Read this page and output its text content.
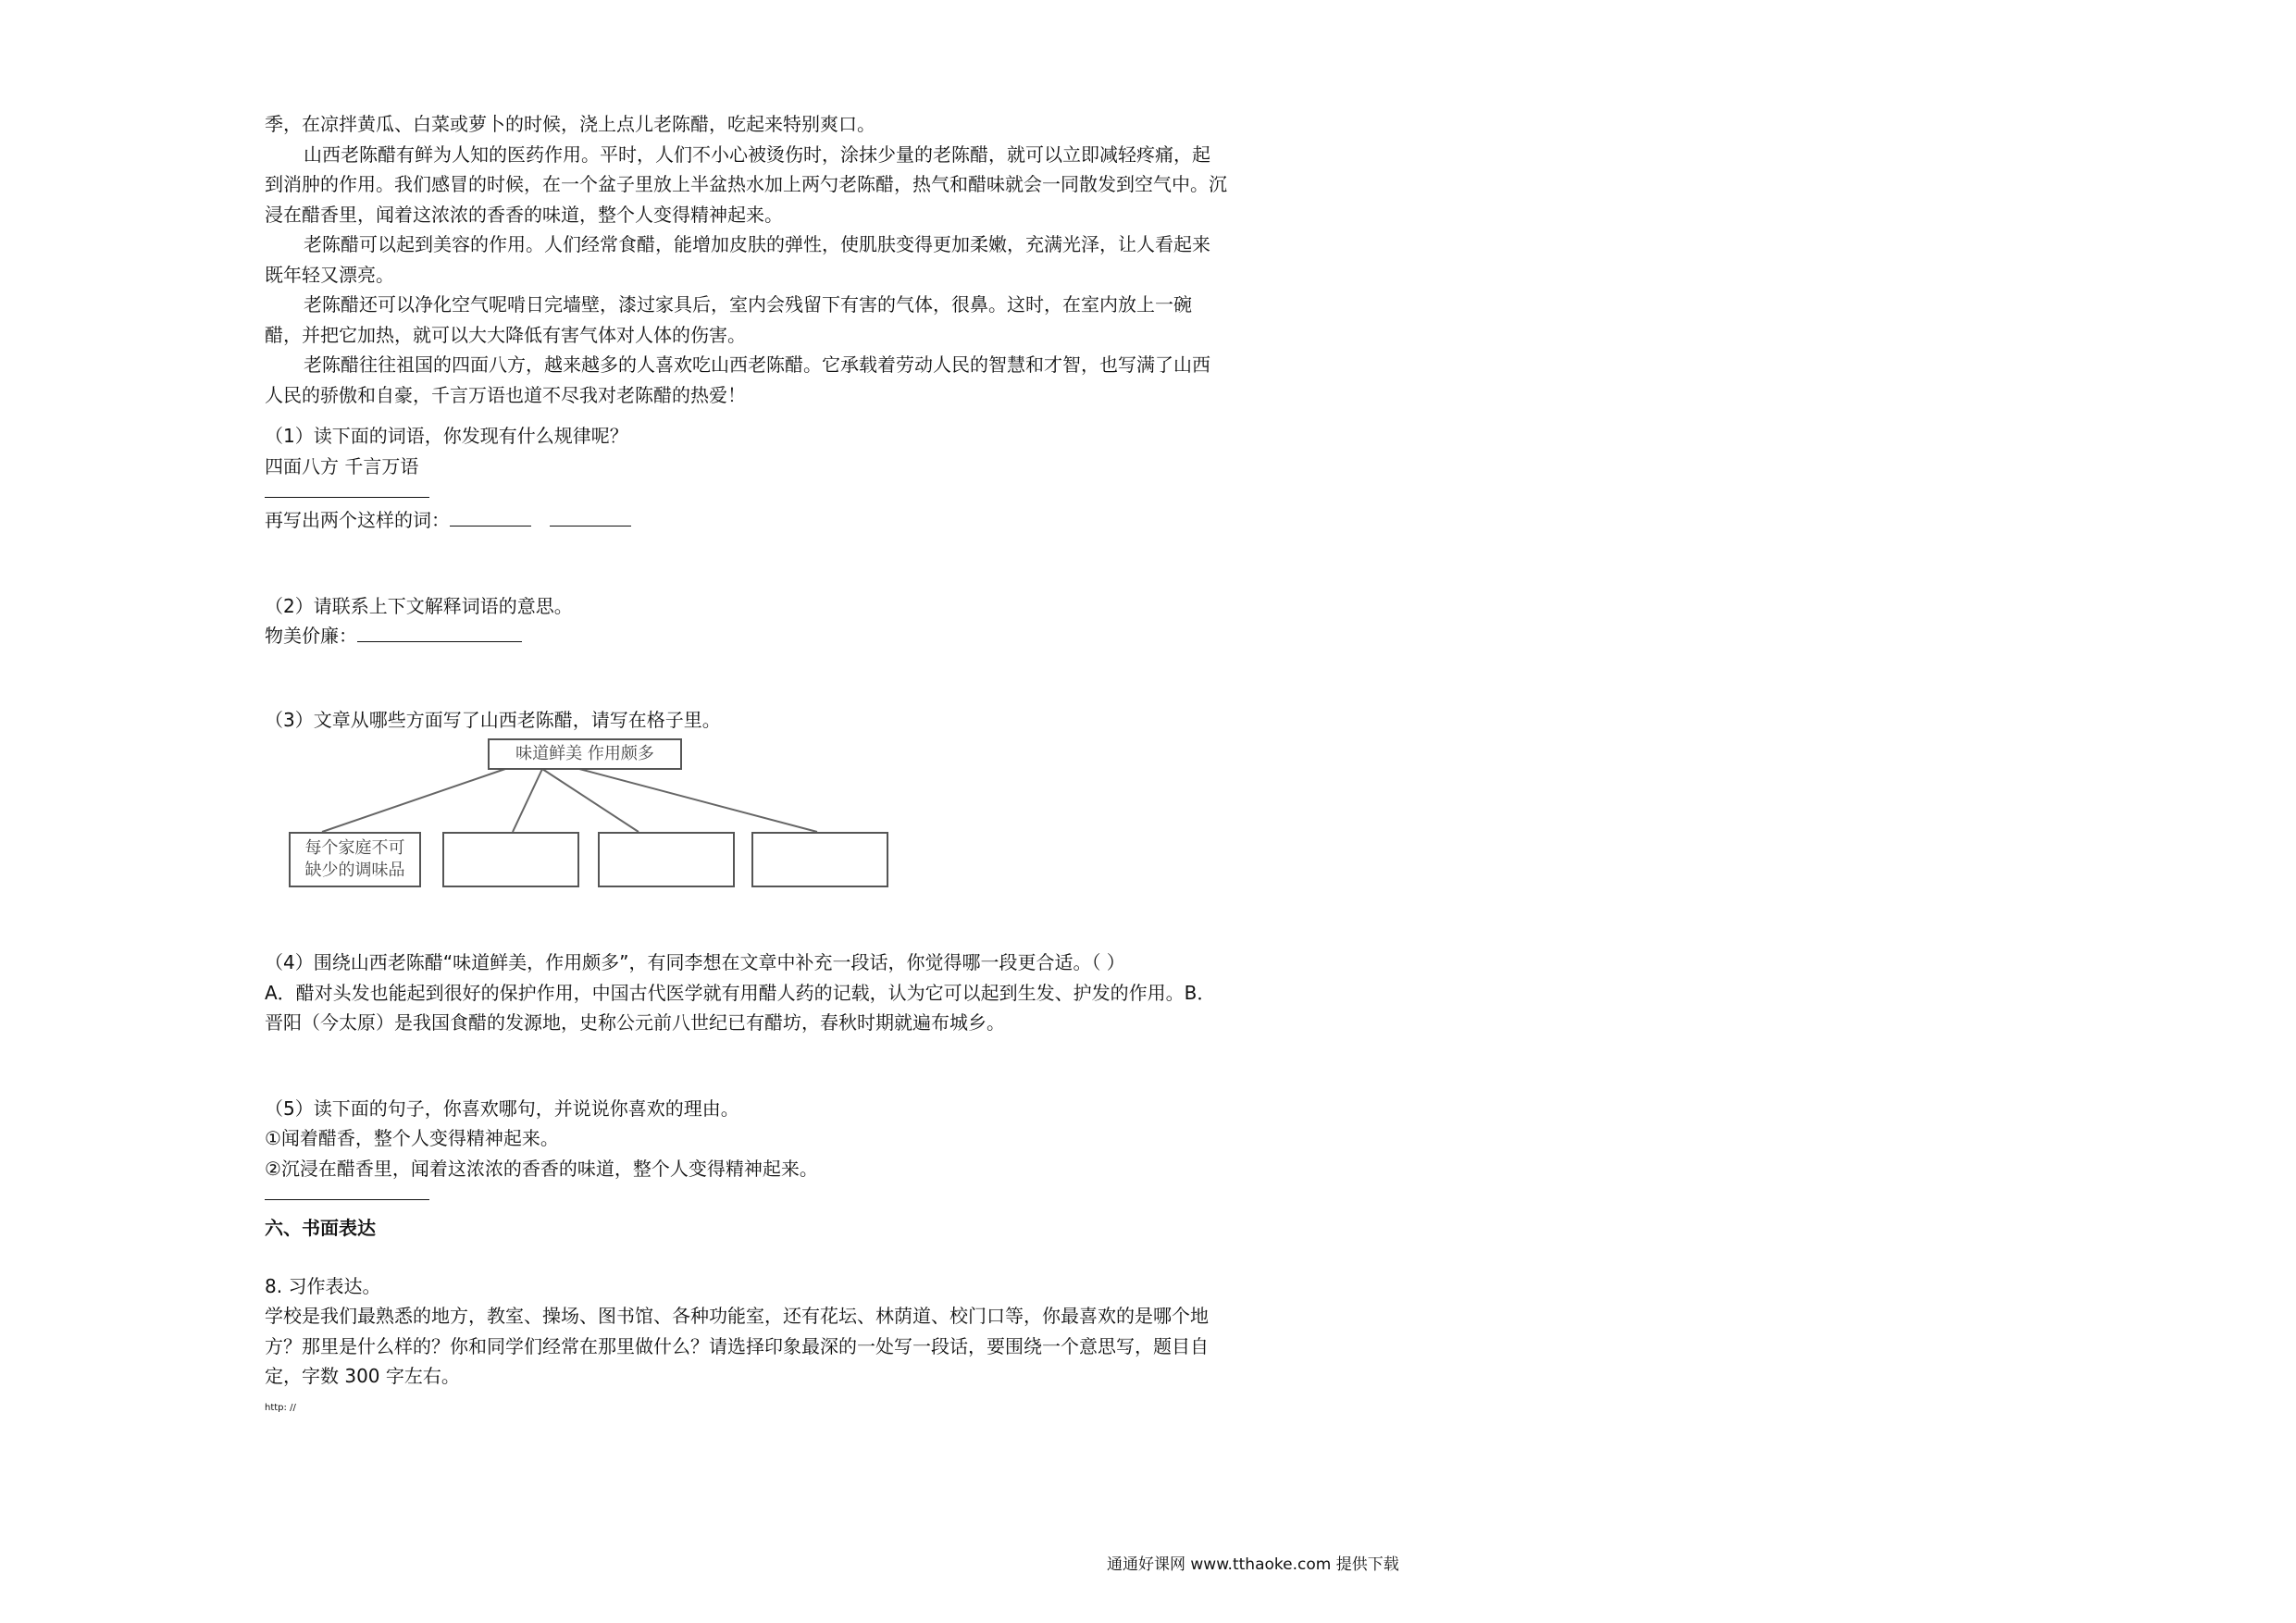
季，在凉拌黄瓜、白菜或萝卜的时候，浇上点儿老陈醋，吃起来特别爽口。

山西老陈醋有鲜为人知的医药作用。平时，人们不小心被烫伤时，涂抹少量的老陈醋，就可以立即减轻疼痛，起到消肿的作用。我们感冒的时候，在一个盆子里放上半盆热水加上两勺老陈醋，热气和醋味就会一同散发到空气中。沉浸在醋香里，闻着这浓浓的香香的味道，整个人变得精神起来。

老陈醋可以起到美容的作用。人们经常食醋，能增加皮肤的弹性，使肌肤变得更加柔嫩，充满光泽，让人看起来既年轻又漂亮。

老陈醋还可以净化空气呢啃日完墙壁，漆过家具后，室内会残留下有害的气体，很鼻。这时，在室内放上一碗醋，并把它加热，就可以大大降低有害气体对人体的伤害。

老陈醋往往祖国的四面八方，越来越多的人喜欢吃山西老陈醋。它承载着劳动人民的智慧和才智，也写满了山西人民的骄傲和自豪，千言万语也道不尽我对老陈醋的热爱！

（1）读下面的词语，你发现有什么规律呢？

四面八方 千言万语

再写出两个这样的词：

（2）请联系上下文解释词语的意思。

物美价廉：

（3）文章从哪些方面写了山西老陈醋，请写在格子里。

味道鲜美 作用颇多
每个家庭不可
缺少的调味品

（4）围绕山西老陈醋“味道鲜美，作用颇多”，有同李想在文章中补充一段话，你觉得哪一段更合适。（ ）

A．醋对头发也能起到很好的保护作用，中国古代医学就有用醋人药的记载，认为它可以起到生发、护发的作用。B．晋阳（今太原）是我国食醋的发源地，史称公元前八世纪已有醋坊，春秋时期就遍布城乡。

（5）读下面的句子，你喜欢哪句，并说说你喜欢的理由。

①闻着醋香，整个人变得精神起来。

②沉浸在醋香里，闻着这浓浓的香香的味道，整个人变得精神起来。

六、书面表达

8. 习作表达。

学校是我们最熟悉的地方，教室、操场、图书馆、各种功能室，还有花坛、林荫道、校门口等，你最喜欢的是哪个地方？那里是什么样的？你和同学们经常在那里做什么？请选择印象最深的一处写一段话，要围绕一个意思写，题目自定，字数 300 字左右。

http: //

通通好课网 www.tthaoke.com 提供下载
